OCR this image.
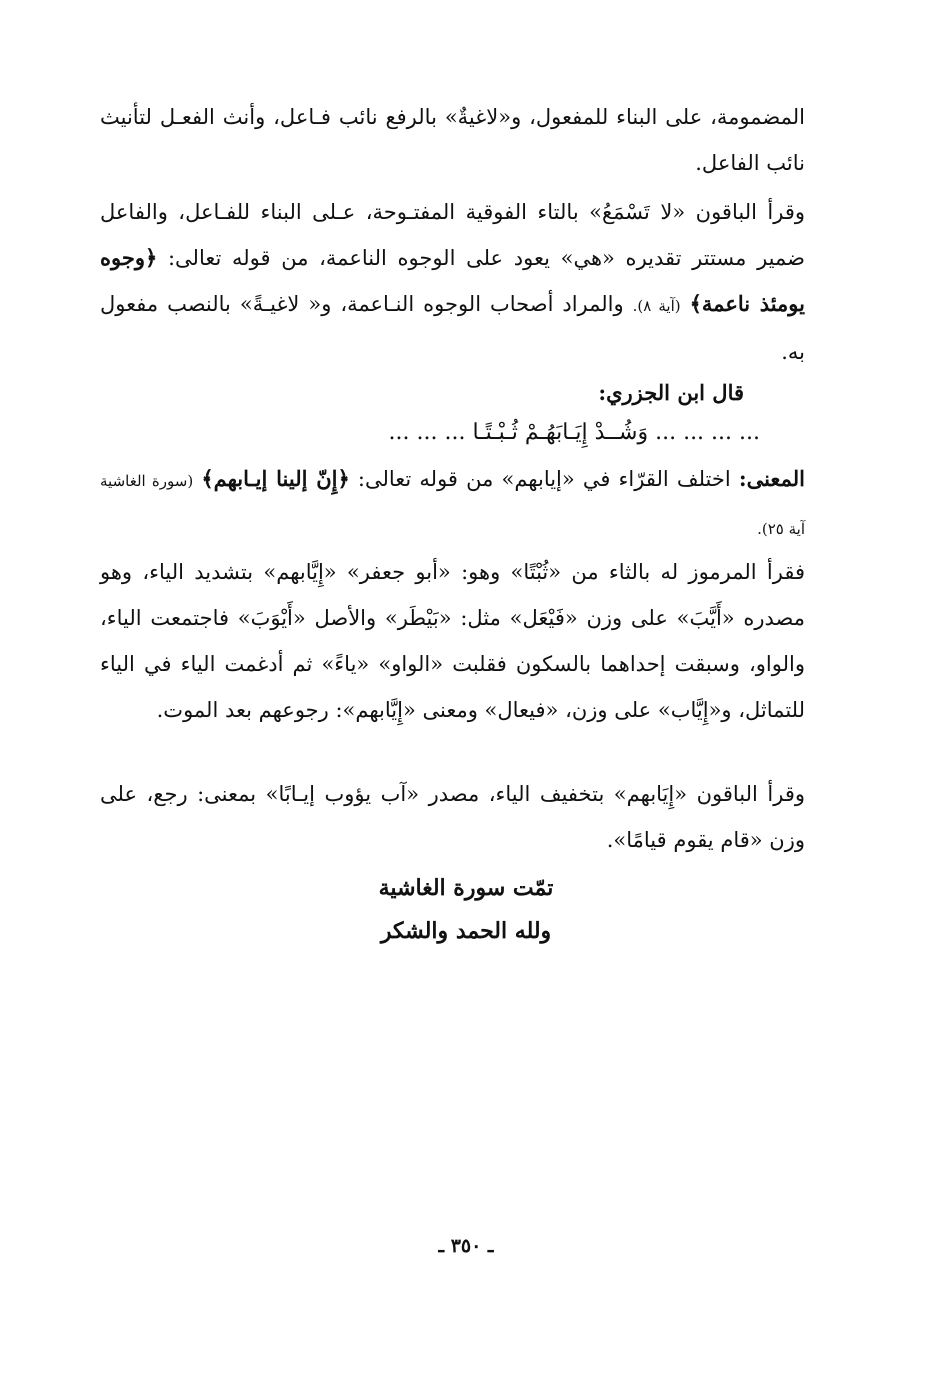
المضمومة، على البناء للمفعول، و«لاغيةٌ» بالرفع نائب فـاعل، وأنث الفعـل لتأنيث نائب الفاعل.

وقرأ الباقون «لا تَسْمَعُ» بالتاء الفوقية المفتـوحة، عـلى البناء للفـاعل، والفاعل ضمير مستتر تقديره «هي» يعود على الوجوه الناعمة، من قوله تعالى: ﴿وجوه يومئذ ناعمة﴾ (آية ٨). والمراد أصحاب الوجوه النـاعمة، و« لاغيـةً» بالنصب مفعول به.

قال ابن الجزري:
... ... ... ... وَشُــدْ إِيَـابَهُـمْ ثُـبْـتًـا ... ... ...

المعنى: اختلف القرّاء في «إيابهم» من قوله تعالى: ﴿إِنّ إلينا إيـابهم﴾ (سورة الغاشية آية ٢٥).

فقرأ المرموز له بالثاء من «ثُبْتًا» وهو: «أبو جعفر» «إِيَّابهم» بتشديد الياء، وهو مصدره «أَيَّبَ» على وزن «فَيْعَل» مثل: «بَيْطَر» والأصل «أَيْوَبَ» فاجتمعت الياء، والواو، وسبقت إحداهما بالسكون فقلبت «الواو» «ياءً» ثم أدغمت الياء في الياء للتماثل، و«إِيَّاب» على وزن، «فيعال» ومعنى «إِيَّابهم»: رجوعهم بعد الموت.

وقرأ الباقون «إِيَابهم» بتخفيف الياء، مصدر «آب يؤوب إيـابًا» بمعنى: رجع، على وزن «قام يقوم قيامًا».

تمّت سورة الغاشية
ولله الحمد والشكر
ـ ٣٥٠ ـ
